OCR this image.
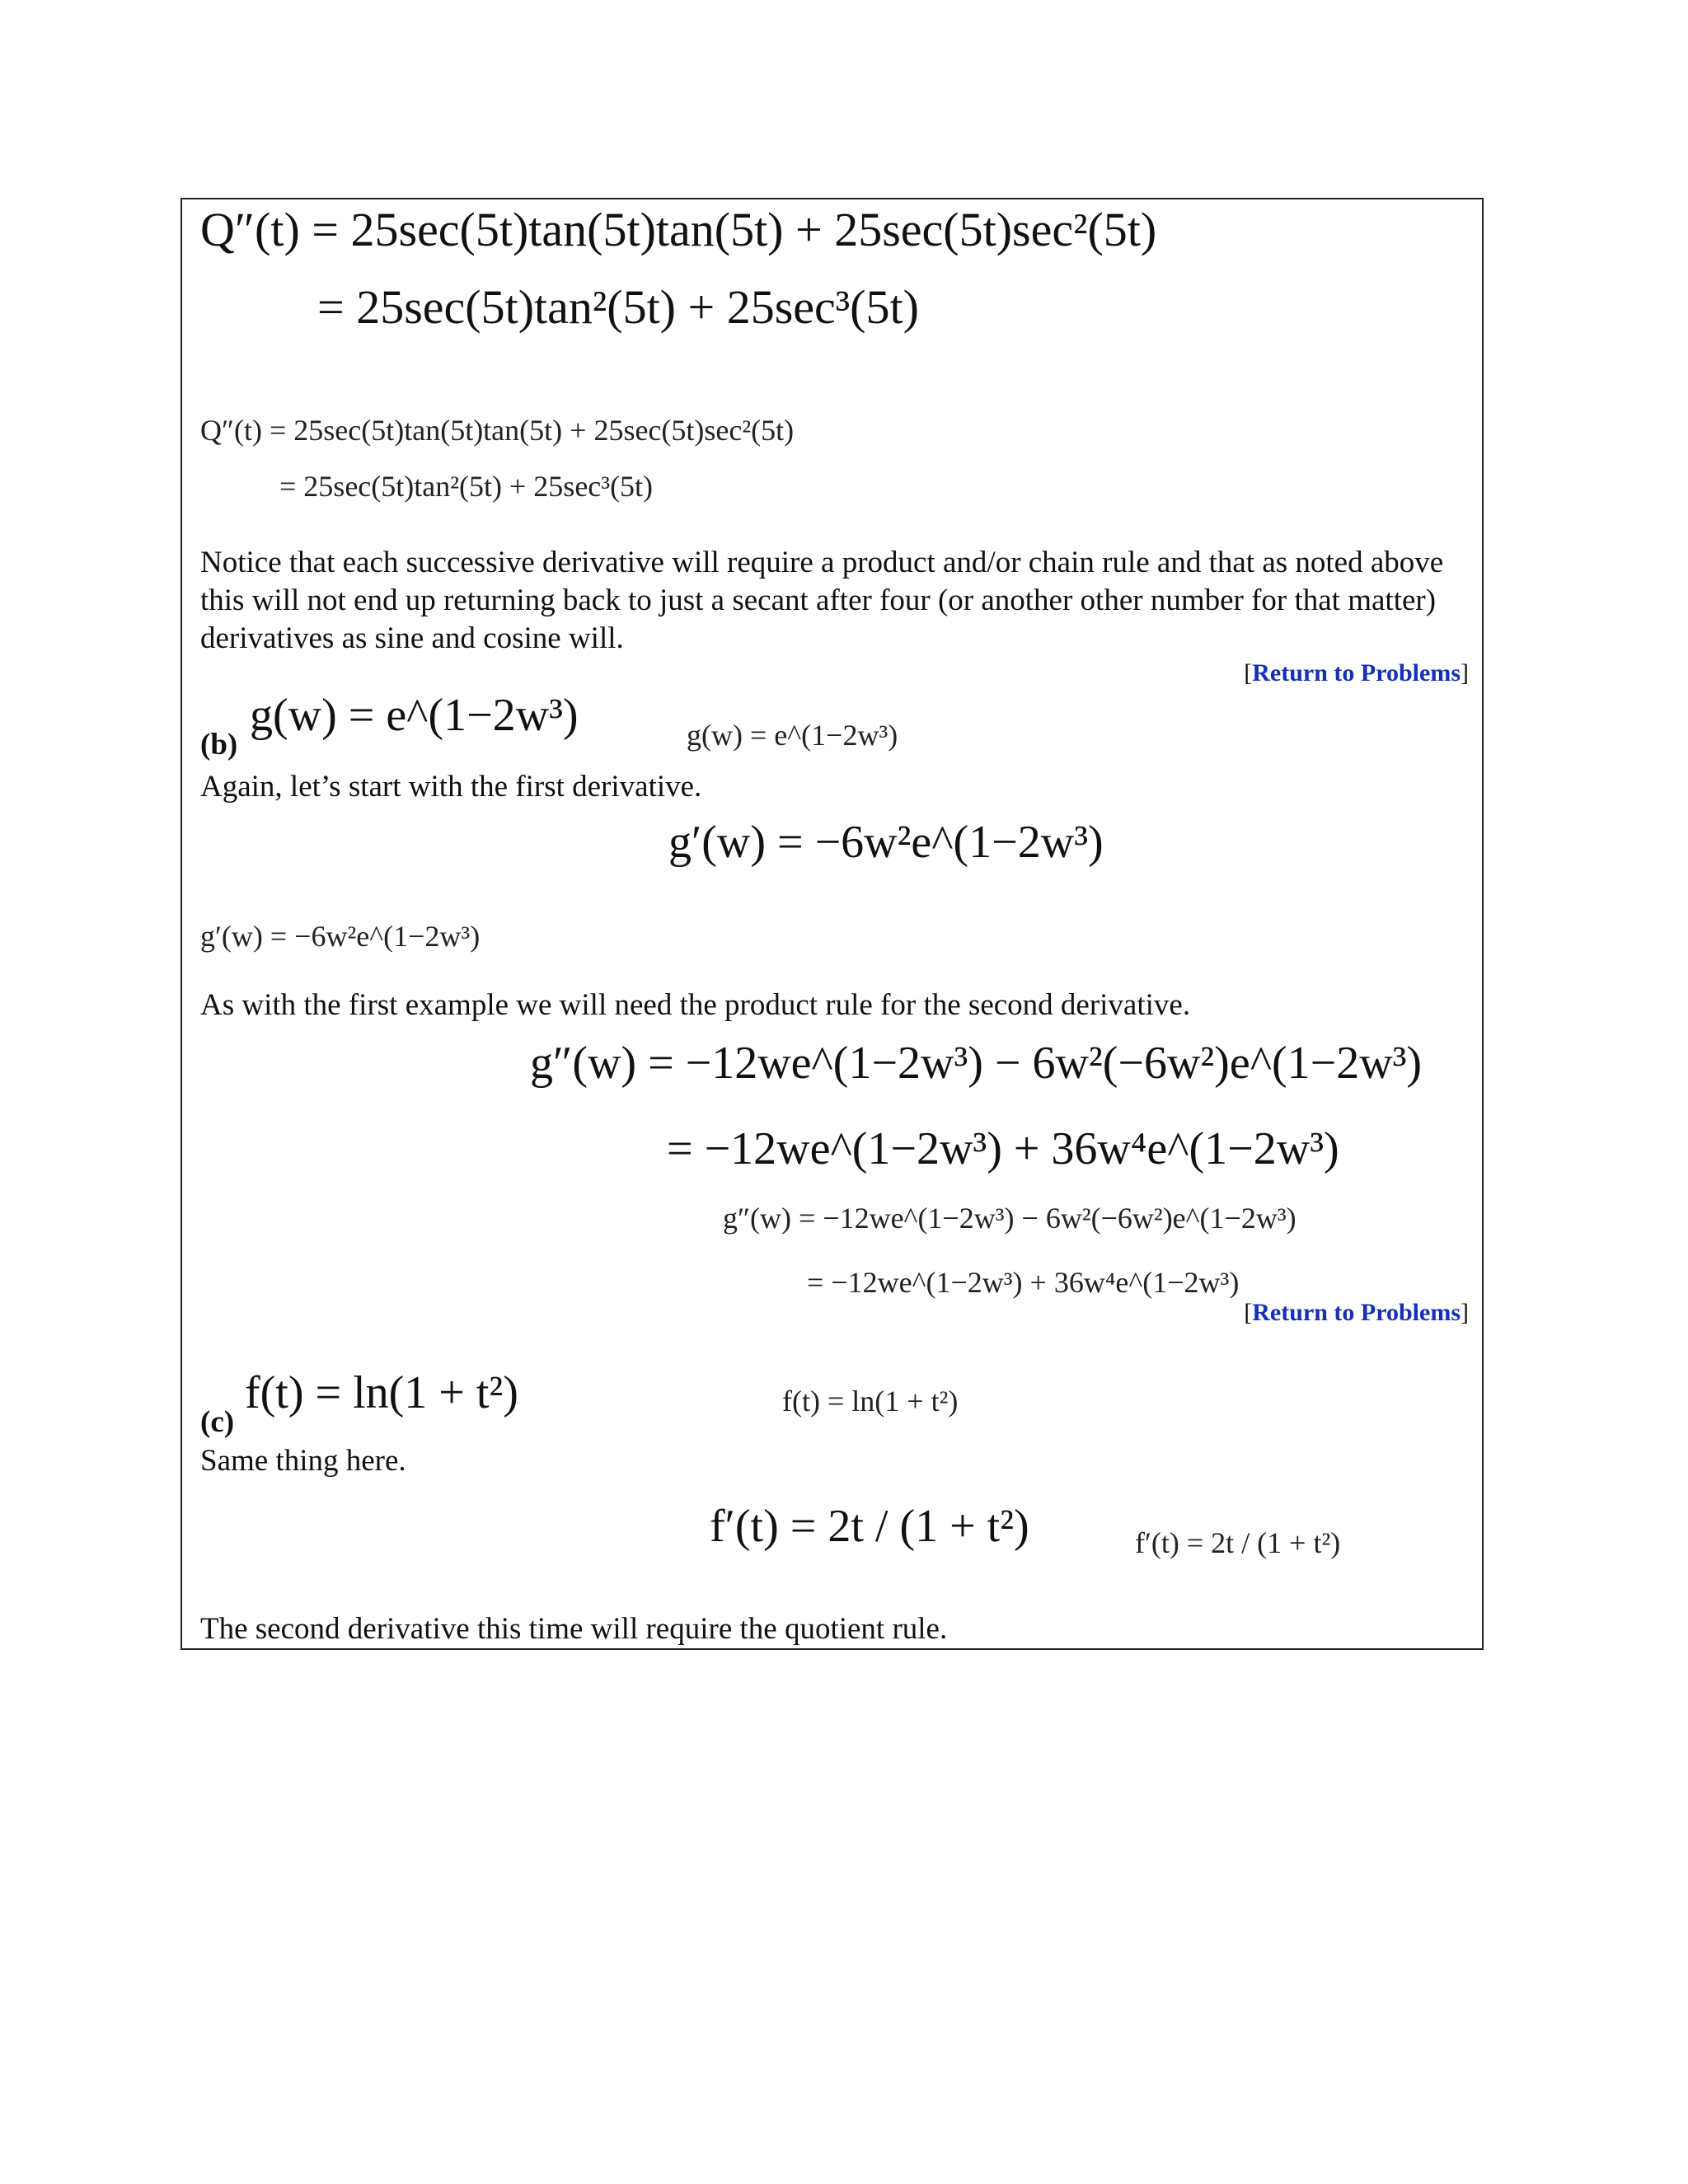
Q″(t) = 25sec(5t)tan(5t)tan(5t) + 25sec(5t)sec²(5t)
= 25sec(5t)tan²(5t) + 25sec³(5t)
Q″(t) = 25sec(5t)tan(5t)tan(5t) + 25sec(5t)sec²(5t)
= 25sec(5t)tan²(5t) + 25sec³(5t)
Notice that each successive derivative will require a product and/or chain rule and that as noted above this will not end up returning back to just a secant after four (or another other number for that matter) derivatives as sine and cosine will.
[Return to Problems]
(b)
g(w) = e^(1−2w³)	g(w) = e^(1−2w³)
Again, let’s start with the first derivative.
g′(w) = −6w²e^(1−2w³)
g′(w) = −6w²e^(1−2w³)
As with the first example we will need the product rule for the second derivative.
g″(w) = −12we^(1−2w³) − 6w²(−6w²)e^(1−2w³)
= −12we^(1−2w³) + 36w⁴e^(1−2w³)
g″(w) = −12we^(1−2w³) − 6w²(−6w²)e^(1−2w³)
= −12we^(1−2w³) + 36w⁴e^(1−2w³)
[Return to Problems]
(c)
f(t) = ln(1 + t²)	f(t) = ln(1 + t²)
Same thing here.
f′(t) = 2t / (1 + t²)	f′(t) = 2t / (1 + t²)
The second derivative this time will require the quotient rule.
